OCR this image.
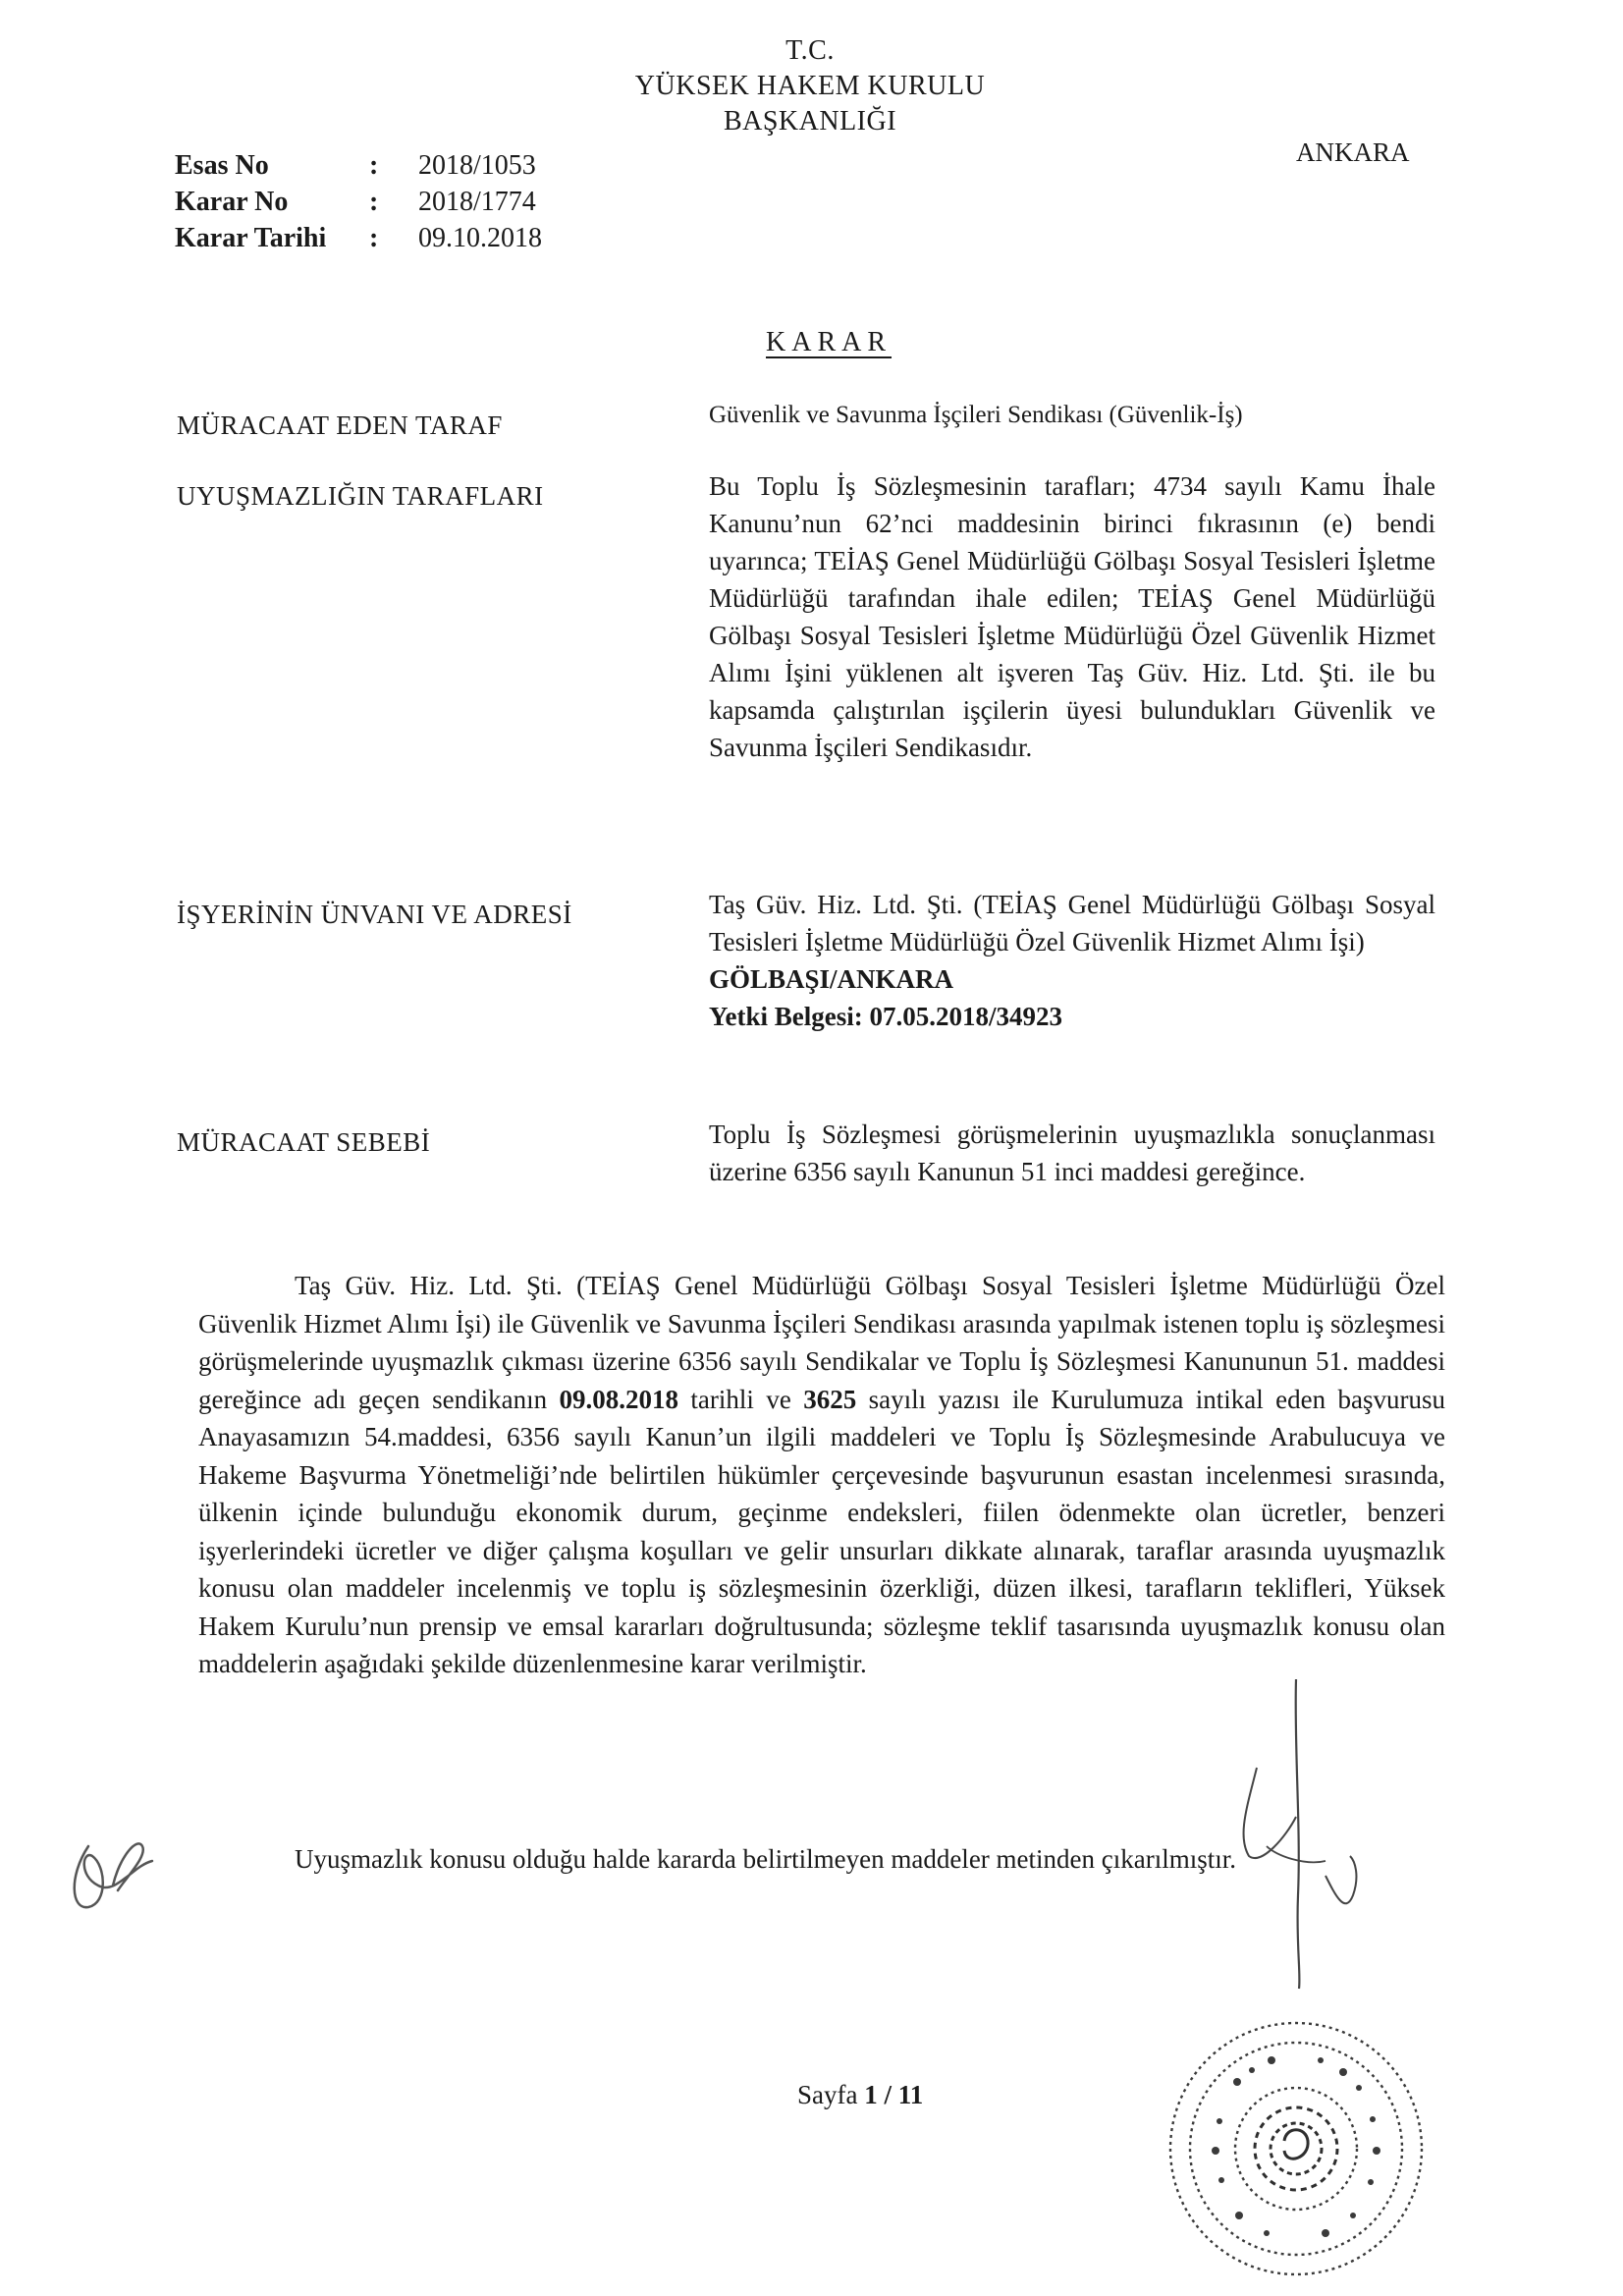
T.C.
YÜKSEK HAKEM KURULU
BAŞKANLIĞI
ANKARA
Esas No	:	2018/1053
Karar No	:	2018/1774
Karar Tarihi	:	09.10.2018
KARAR
MÜRACAAT EDEN TARAF	Güvenlik ve Savunma İşçileri Sendikası (Güvenlik-İş)
UYUŞMAZLIĞIN TARAFLARI	Bu Toplu İş Sözleşmesinin tarafları; 4734 sayılı Kamu İhale Kanunu’nun 62’nci maddesinin birinci fıkrasının (e) bendi uyarınca; TEİAŞ Genel Müdürlüğü Gölbaşı Sosyal Tesisleri İşletme Müdürlüğü tarafından ihale edilen; TEİAŞ Genel Müdürlüğü Gölbaşı Sosyal Tesisleri İşletme Müdürlüğü Özel Güvenlik Hizmet Alımı İşini yüklenen alt işveren Taş Güv. Hiz. Ltd. Şti. ile bu kapsamda çalıştırılan işçilerin üyesi bulundukları Güvenlik ve Savunma İşçileri Sendikasıdır.
İŞYERİNİN ÜNVANI VE ADRESİ	Taş Güv. Hiz. Ltd. Şti. (TEİAŞ Genel Müdürlüğü Gölbaşı Sosyal Tesisleri İşletme Müdürlüğü Özel Güvenlik Hizmet Alımı İşi)
GÖLBAŞI/ANKARA
Yetki Belgesi: 07.05.2018/34923
MÜRACAAT SEBEBİ	Toplu İş Sözleşmesi görüşmelerinin uyuşmazlıkla sonuçlanması üzerine 6356 sayılı Kanunun 51 inci maddesi gereğince.
Taş Güv. Hiz. Ltd. Şti. (TEİAŞ Genel Müdürlüğü Gölbaşı Sosyal Tesisleri İşletme Müdürlüğü Özel Güvenlik Hizmet Alımı İşi) ile Güvenlik ve Savunma İşçileri Sendikası arasında yapılmak istenen toplu iş sözleşmesi görüşmelerinde uyuşmazlık çıkması üzerine 6356 sayılı Sendikalar ve Toplu İş Sözleşmesi Kanununun 51. maddesi gereğince adı geçen sendikanın 09.08.2018 tarihli ve 3625 sayılı yazısı ile Kurulumuza intikal eden başvurusu Anayasamızın 54.maddesi, 6356 sayılı Kanun’un ilgili maddeleri ve Toplu İş Sözleşmesinde Arabulucuya ve Hakeme Başvurma Yönetmeliği’nde belirtilen hükümler çerçevesinde başvurunun esastan incelenmesi sırasında, ülkenin içinde bulunduğu ekonomik durum, geçinme endeksleri, fiilen ödenmekte olan ücretler, benzeri işyerlerindeki ücretler ve diğer çalışma koşulları ve gelir unsurları dikkate alınarak, taraflar arasında uyuşmazlık konusu olan maddeler incelenmiş ve toplu iş sözleşmesinin özerkliği, düzen ilkesi, tarafların teklifleri, Yüksek Hakem Kurulu’nun prensip ve emsal kararları doğrultusunda; sözleşme teklif tasarısında uyuşmazlık konusu olan maddelerin aşağıdaki şekilde düzenlenmesine karar verilmiştir.
Uyuşmazlık konusu olduğu halde kararda belirtilmeyen maddeler metinden çıkarılmıştır.
Sayfa 1 / 11
